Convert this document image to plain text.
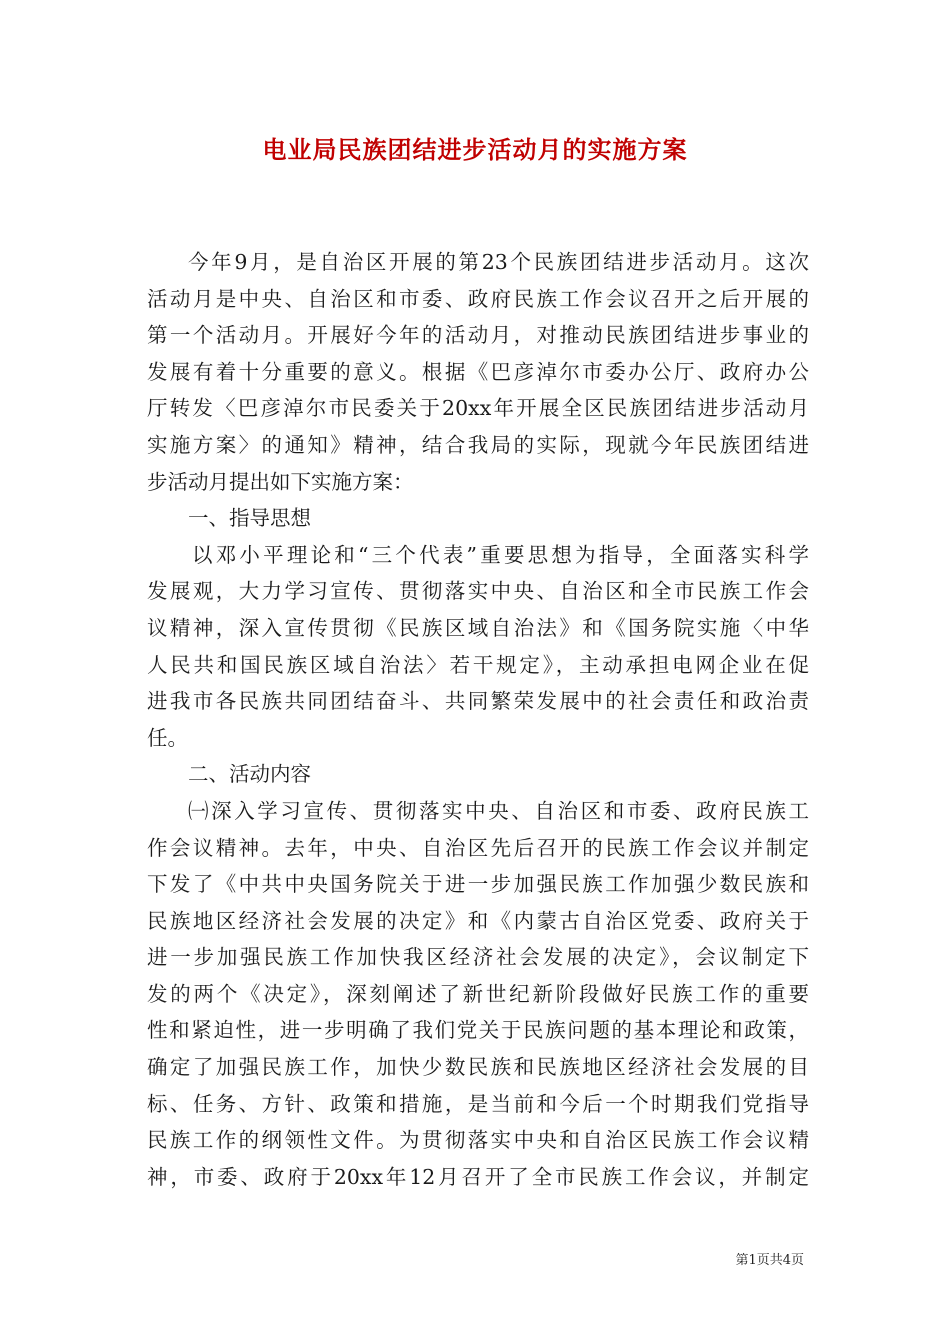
电业局民族团结进步活动月的实施方案
今年9月，是自治区开展的第23个民族团结进步活动月。这次
活动月是中央、自治区和市委、政府民族工作会议召开之后开展的
第一个活动月。开展好今年的活动月，对推动民族团结进步事业的
发展有着十分重要的意义。根据《巴彦淖尔市委办公厅、政府办公
厅转发〈巴彦淖尔市民委关于20xx年开展全区民族团结进步活动月
实施方案〉的通知》精神，结合我局的实际，现就今年民族团结进
步活动月提出如下实施方案：
一、指导思想
以邓小平理论和“三个代表”重要思想为指导，全面落实科学
发展观，大力学习宣传、贯彻落实中央、自治区和全市民族工作会
议精神，深入宣传贯彻《民族区域自治法》和《国务院实施〈中华
人民共和国民族区域自治法〉若干规定》，主动承担电网企业在促
进我市各民族共同团结奋斗、共同繁荣发展中的社会责任和政治责
任。
二、活动内容
㈠深入学习宣传、贯彻落实中央、自治区和市委、政府民族工
作会议精神。去年，中央、自治区先后召开的民族工作会议并制定
下发了《中共中央国务院关于进一步加强民族工作加强少数民族和
民族地区经济社会发展的决定》和《内蒙古自治区党委、政府关于
进一步加强民族工作加快我区经济社会发展的决定》，会议制定下
发的两个《决定》，深刻阐述了新世纪新阶段做好民族工作的重要
性和紧迫性，进一步明确了我们党关于民族问题的基本理论和政策，
确定了加强民族工作，加快少数民族和民族地区经济社会发展的目
标、任务、方针、政策和措施，是当前和今后一个时期我们党指导
民族工作的纲领性文件。为贯彻落实中央和自治区民族工作会议精
神，市委、政府于20xx年12月召开了全市民族工作会议，并制定
第1页共4页
